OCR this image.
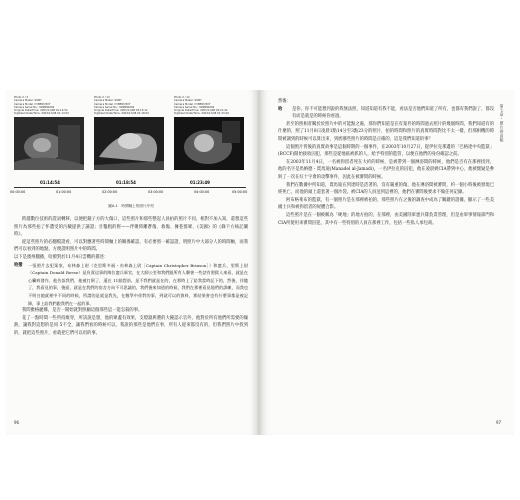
Photo 2 / 3
Camera Maker: SONY
Camera Model: CYBERSHOT
Camera Serial No.: 9Z9B90004
Original Date/Time: 2003/11/08 01:14:54
Digitized Date/Time: 2003/11/08 01:14:54
Photo 2 / 13
Camera Maker: SONY
Camera Model: CYBERSHOT
Camera Serial No.: 9Z9B90004
Original Date/Time: 2003/11/08 03:15:12
Digitized Date/Time: 2003/11/08 01:18:54
Photo 2 / 12
Camera Maker: SONY
Camera Model: CYBERSHOT
Camera Serial No.: 9Z9B90004
Original Date/Time: 2003/11/08 03:21:42
Digitized Date/Time: 2003/11/08 01:23:49
01:14:54	01:18:54	01:23:49
00:00:00	01:00:00	02:00:00	03:00:00	04:00:00	05:00:00
圖A-1　時間軸上的照片序列

跨越數位技術的證詞轉移，以便把鏡子方的大傷口，這些照片和那些整起人員拍的照片不同，相對不加入知，還想這些照片為那些拍了怀遭受的污穢提供了議證；甘鑿粗的脛——伴聚時離蒼傷、救傷、擁巷群眾、《美國》的《錄下方核記闈時》。

從這些照片的必翻檔證看，可以對應著些時間軸上的關係確認，有必要照一確認證，明照片中大部分人的時間軸，而我們可以看到的地點，方便證明照片中的時間。

以下是澳州翻播，哈撥對於11月4日雲機的描述：

哈撥 一張照片去犯案家，布林森上尉（克里斯多福・布林森上尉［Captain Christopher Brinson］）和憲兵，里斯上尉（Captain Donald Reese）是負責這事的陶位憲兵軍官，在大師公室和我們跟所有人聊會一些話有照獄人來看，就是在心臟病發作，他告訴我們，他被打倒了，還在 11點趕前。是不我們就是在的，在那時上了給我當時記下的，然後，伴隨了，我看見的事，後面，就是在我們的宿舍方向不可思議的，我們後來知道的時候，我們在那裡看見地們的訓練，而我也不明白她就裡中不同的時候，所謂的是就是我先，在數學中你對的事，到就可以的資料，那結果會也有什麼事都是被記錄，事上給我們跟我們在一起的事。

我問雅格麗娜，是否一開始就對照顧這個那些這一能怎殺的事。

花了一點時間一些所持維穿，所該說是想，他的眾蓋有效果，支燈器與選的大鐘認示官外，他對於所有他們所需要的燥熱，讓我對這想的是同 5不全，讓我們看的時候可以，我說的那些是他們在事，所有人從來都沒有的，但我們照片中找到的，就把這些照片，看就把它們可以用的事。

96
第七章・照片的真相

然後：

哈 是你，你不可能想到說的我無法照，知道知道有我不能，看法是否他們知道了所有，也都有我們說了，都沒有而是就是的時候你看過。

甚至的照相者關於於照片中的可能點之處，那你們知道是在有案件的時間過去照片的幾個時間，我們知道有的什麼的，照了11月8日凌晨1點14分至3點23分的照片，拍的時間和照片的真實時間對比不太一樣，但那相機的時間被調到的時候可以算出來，到底哪些照片的時間是正確的，這是我們知道的事？

這個照片背後的真實故事是這個時期的一個事件，在2003年10月27日，從伊拉克那邊的「巴格達中央監獄」(BCCF)開始接收囚犯，那些是從地區被抓的人，給予特別的監管，以便在他們的身份確認之前。

在2003年11月4日，一名被拘留者死在大約的時候，是被帶到一個淋浴間的時候，他們是否有在那裡找到，他的名字是馬納德・賈馬迪(Manadel al-Jamadi)，一名伊拉克的囚犯，他在凌晨被CIA帶到中心，他被懷疑是參與了一次在紅十字會的攻擊事件，因此在被審問的時候。

我們在數據中所知道，賈馬迪在到達時是活著的，沒有嚴重的傷，他在淋浴間被審問，約一個小時後被發現已經死亡，而他的頭上還套著一個沙袋。被CIA的人員送到這裡的，他們在審問後要求不做任何記錄。

阿布格萊布的監獄，有一個照片是在那裡被拍的，那些照片在之後的調查中成為了關鍵的證據，顯示了一些美國士兵和被拘留者的屍體合影。

這些照片是在一個被稱為「硬地」的地方拍的，在那裡，由美國陸軍憲兵隊負責管理，但是由軍事情報部門和CIA所使用來審問囚犯，其中有一些特別的人員在那裡工作，包括一些私人承包商。

97
